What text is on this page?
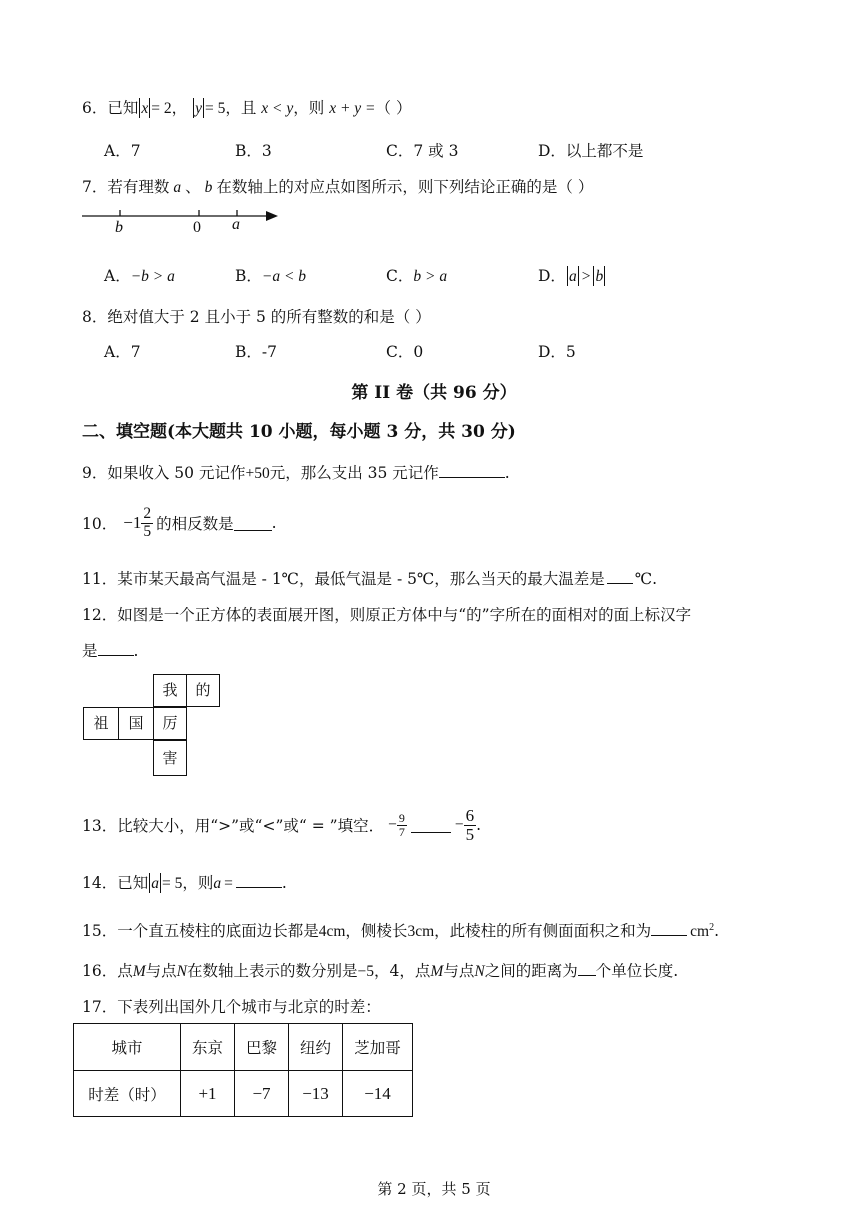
6．已知 x = 2， y = 5，且 x < y，则 x + y =（ ）
A．7	B．3	C．7 或 3	D．以上都不是
7．若有理数 a 、 b 在数轴上的对应点如图所示，则下列结论正确的是（ ）
b	0 a
A．−b > a	B．−a < b	C．b > a	D． a > b
8．绝对值大于 2 且小于 5 的所有整数的和是（ ）
A．7	B．-7	C．0	D．5
第 II 卷（共 96 分）
二、填空题(本大题共 10 小题，每小题 3 分，共 30 分)
9．如果收入 50 元记作+50元，那么支出 35 元记作	.
10． $-1 \frac{2}{5}$ 的相反数是 .
11．某市某天最高气温是 - 1℃，最低气温是 - 5℃，那么当天的最大温差是 ℃.
12．如图是一个正方体的表面展开图，则原正方体中与“的”字所在的面相对的面上标汉字
是 .
我	的
祖	国	厉
害
13．比较大小，用“>”或“<”或“ = ”填空． − $\frac{9}{7}$	− $\frac{6}{5}$ .
14．已知 a = 5，则a =	.
15．一个直五棱柱的底面边长都是4cm，侧棱长3cm，此棱柱的所有侧面面积之和为	$cm^2$.
16．点M与点N在数轴上表示的数分别是−5，4，点M与点N之间的距离为 个单位长度.
17．下表列出国外几个城市与北京的时差：
城市	东京	巴黎	纽约	芝加哥
时差（时）	+1	−7	−13	−14
第 2 页，共 5 页
